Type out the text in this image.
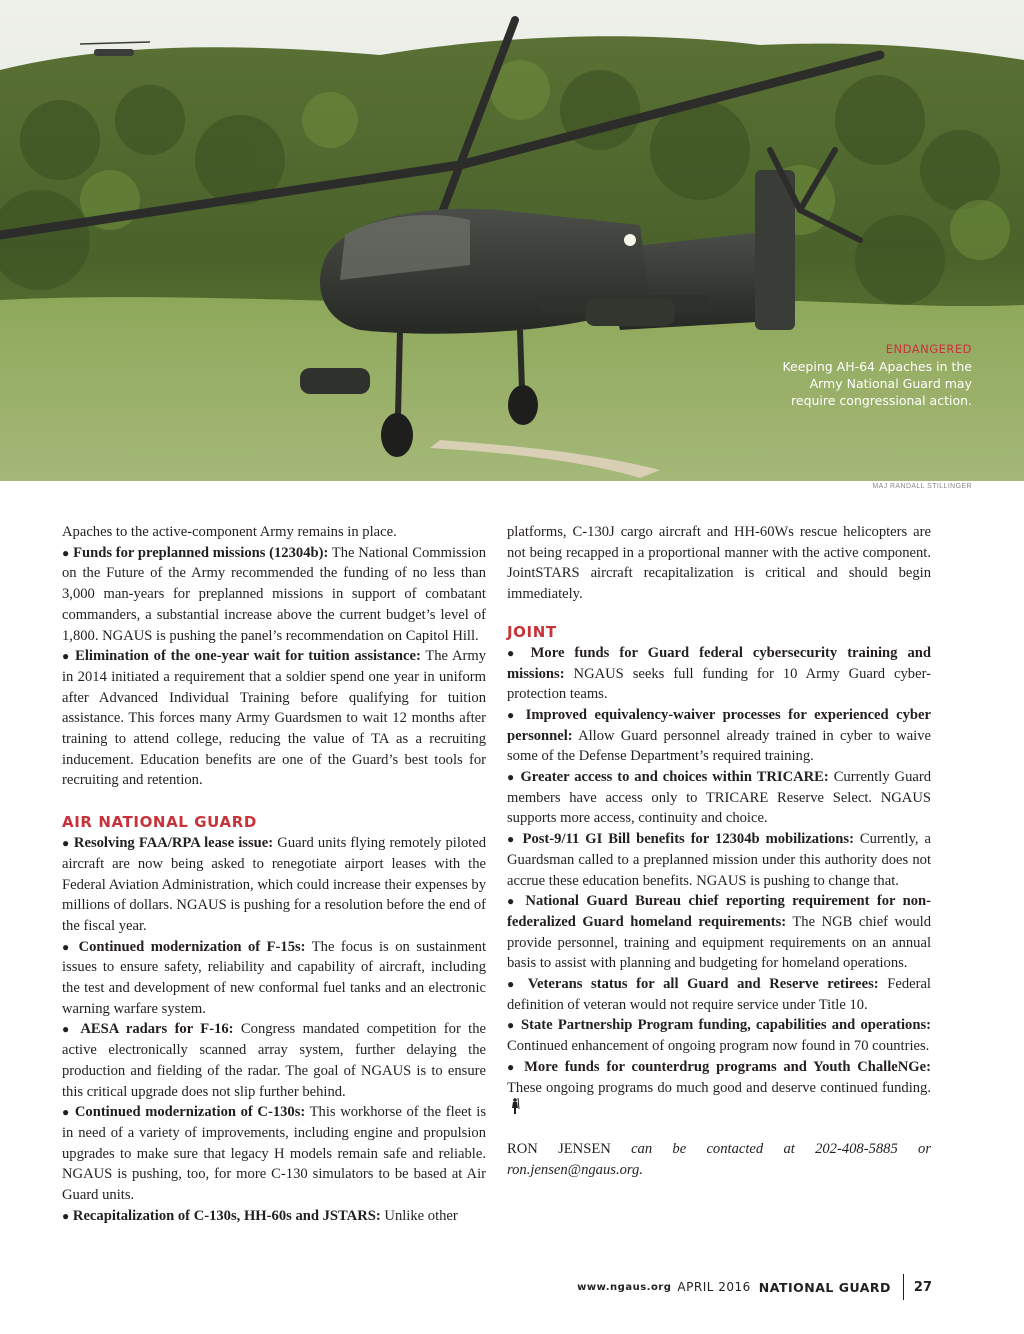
ENDANGERED
Keeping AH-64 Apaches in the Army National Guard may require congressional action.
MAJ RANDALL STILLINGER

Apaches to the active-component Army remains in place.

● Funds for preplanned missions (12304b): The National Commission on the Future of the Army recommended the funding of no less than 3,000 man-years for preplanned missions in support of combatant commanders, a substantial increase above the current budget’s level of 1,800. NGAUS is pushing the panel’s recommendation on Capitol Hill.

● Elimination of the one-year wait for tuition assistance: The Army in 2014 initiated a requirement that a soldier spend one year in uniform after Advanced Individual Training before qualifying for tuition assistance. This forces many Army Guardsmen to wait 12 months after training to attend college, reducing the value of TA as a recruiting inducement. Education benefits are one of the Guard’s best tools for recruiting and retention.

AIR NATIONAL GUARD

● Resolving FAA/RPA lease issue: Guard units flying remotely piloted aircraft are now being asked to renegotiate airport leases with the Federal Aviation Administration, which could increase their expenses by millions of dollars. NGAUS is pushing for a resolution before the end of the fiscal year.

● Continued modernization of F-15s: The focus is on sustainment issues to ensure safety, reliability and capability of aircraft, including the test and development of new conformal fuel tanks and an electronic warning warfare system.

● AESA radars for F-16: Congress mandated competition for the active electronically scanned array system, further delaying the production and fielding of the radar. The goal of NGAUS is to ensure this critical upgrade does not slip further behind.

● Continued modernization of C-130s: This workhorse of the fleet is in need of a variety of improvements, including engine and propulsion upgrades to make sure that legacy H models remain safe and reliable. NGAUS is pushing, too, for more C-130 simulators to be based at Air Guard units.

● Recapitalization of C-130s, HH-60s and JSTARS: Unlike other

platforms, C-130J cargo aircraft and HH-60Ws rescue helicopters are not being recapped in a proportional manner with the active component. JointSTARS aircraft recapitalization is critical and should begin immediately.

JOINT

● More funds for Guard federal cybersecurity training and missions: NGAUS seeks full funding for 10 Army Guard cyber-protection teams.

● Improved equivalency-waiver processes for experienced cyber personnel: Allow Guard personnel already trained in cyber to waive some of the Defense Department’s required training.

● Greater access to and choices within TRICARE: Currently Guard members have access only to TRICARE Reserve Select. NGAUS supports more access, continuity and choice.

● Post-9/11 GI Bill benefits for 12304b mobilizations: Currently, a Guardsman called to a preplanned mission under this authority does not accrue these education benefits. NGAUS is pushing to change that.

● National Guard Bureau chief reporting requirement for non-federalized Guard homeland requirements: The NGB chief would provide personnel, training and equipment requirements on an annual basis to assist with planning and budgeting for homeland operations.

● Veterans status for all Guard and Reserve retirees: Federal definition of veteran would not require service under Title 10.

● State Partnership Program funding, capabilities and operations: Continued enhancement of ongoing program now found in 70 countries.

● More funds for counterdrug programs and Youth ChalleNGe: These ongoing programs do much good and deserve continued funding.

RON JENSEN can be contacted at 202-408-5885 or ron.jensen@ngaus.org.

www.ngaus.org APRIL 2016 NATIONAL GUARD 27
